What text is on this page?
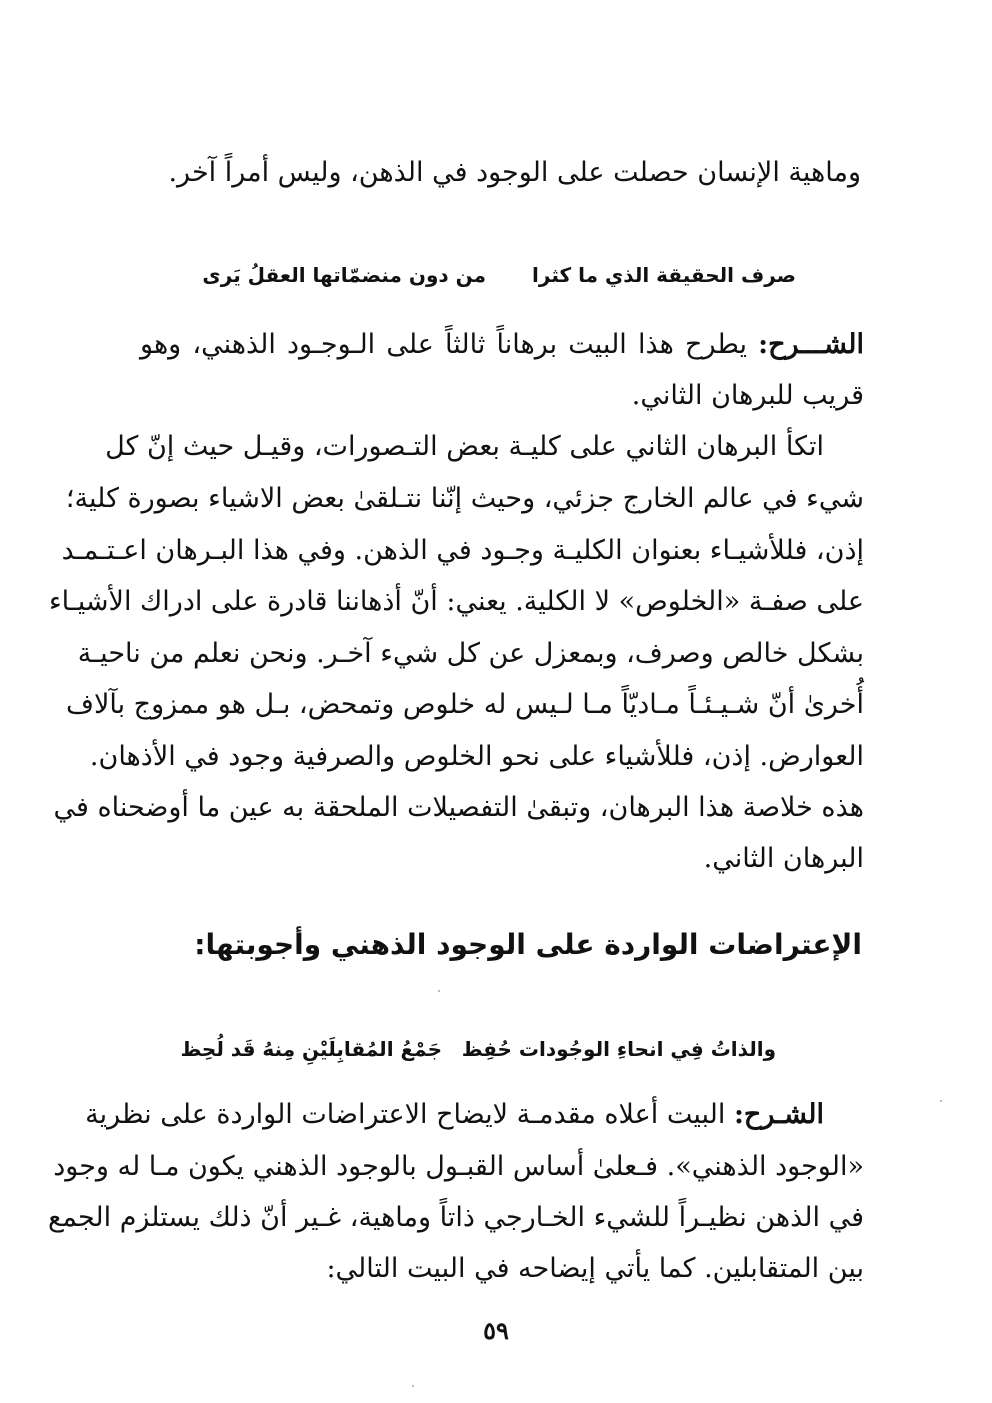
وماهية الإنسان حصلت على الوجود في الذهن، وليس أمراً آخر.
صرف الحقيقة الذي ما كثرا
من دون منضمّاتها العقلُ يَرى
الشـــرح: يطرح هذا البيت برهاناً ثالثاً على الـوجـود الذهني، وهو
قريب للبرهان الثاني.
اتكأ البرهان الثاني على كليـة بعض التـصورات، وقيـل حيث إنّ كل
شيء في عالم الخارج جزئي، وحيث إنّنا نتـلقىٰ بعض الاشياء بصورة كلية؛
إذن، فللأشيـاء بعنوان الكليـة وجـود في الذهن. وفي هذا البـرهان اعـتـمـد
على صفـة «الخلوص» لا الكلية. يعني: أنّ أذهاننا قادرة على ادراك الأشيـاء
بشكل خالص وصرف، وبمعزل عن كل شيء آخـر. ونحن نعلم من ناحيـة
أُخرىٰ أنّ شـيـئـاً مـاديّاً مـا لـيس له خلوص وتمحض، بـل هو ممزوج بآلاف
العوارض. إذن، فللأشياء على نحو الخلوص والصرفية وجود في الأذهان.
هذه خلاصة هذا البرهان، وتبقىٰ التفصيلات الملحقة به عين ما أوضحناه في
البرهان الثاني.
الإعتراضات الواردة على الوجود الذهني وأجوبتها:
والذاتُ فِي انحاءِ الوجُودات حُفِظ
جَمْعُ المُقابِلَيْنِ مِنهُ قَد لُحِظ
الشـرح: البيت أعلاه مقدمـة لايضاح الاعتراضات الواردة على نظرية
«الوجود الذهني». فـعلىٰ أساس القبـول بالوجود الذهني يكون مـا له وجود
في الذهن نظيـراً للشيء الخـارجي ذاتاً وماهية، غـير أنّ ذلك يستلزم الجمع
بين المتقابلين. كما يأتي إيضاحه في البيت التالي:
٥٩
